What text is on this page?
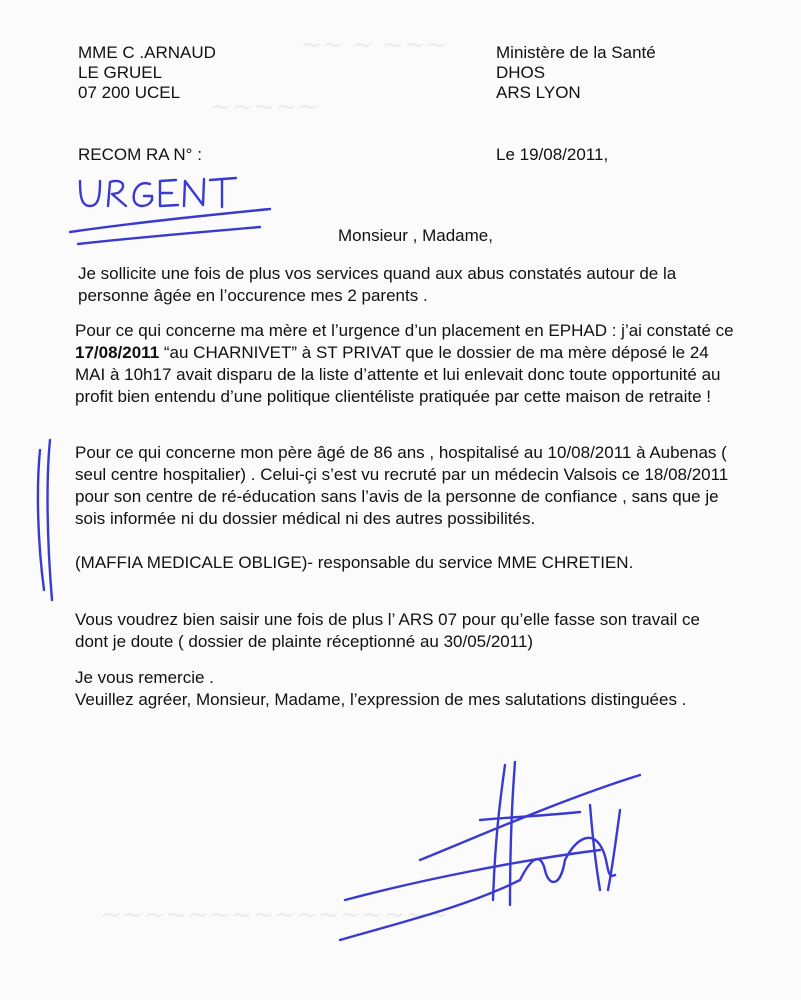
~~~~~
~~ ~ ~~~
~~~~~~~~~~~~~~~~
MME C .ARNAUD
LE GRUEL
07 200 UCEL
Ministère de la Santé
DHOS
ARS LYON
RECOM RA N° :	Le 19/08/2011,
Monsieur , Madame,
Je sollicite une fois de plus vos services quand aux abus constatés autour de la
personne âgée en l’occurence mes 2 parents .
Pour ce qui concerne ma mère et l’urgence d’un placement en EPHAD : j’ai constaté ce
17/08/2011 “au CHARNIVET” à ST PRIVAT que le dossier de ma mère déposé le 24
MAI à 10h17 avait disparu de la liste d’attente et lui enlevait donc toute opportunité au
profit bien entendu d’une politique clientéliste pratiquée par cette maison de retraite !
Pour ce qui concerne mon père âgé de 86 ans , hospitalisé au 10/08/2011 à Aubenas (
seul centre hospitalier) . Celui-çi s’est vu recruté par un médecin Valsois ce 18/08/2011
pour son centre de ré-éducation sans l’avis de la personne de confiance , sans que je
sois informée ni du dossier médical ni des autres possibilités.
(MAFFIA MEDICALE OBLIGE)- responsable du service MME CHRETIEN.
Vous voudrez bien saisir une fois de plus l’ ARS 07 pour qu’elle fasse son travail ce
dont je doute ( dossier de plainte réceptionné au 30/05/2011)
Je vous remercie .
Veuillez agréer, Monsieur, Madame, l’expression de mes salutations distinguées .
